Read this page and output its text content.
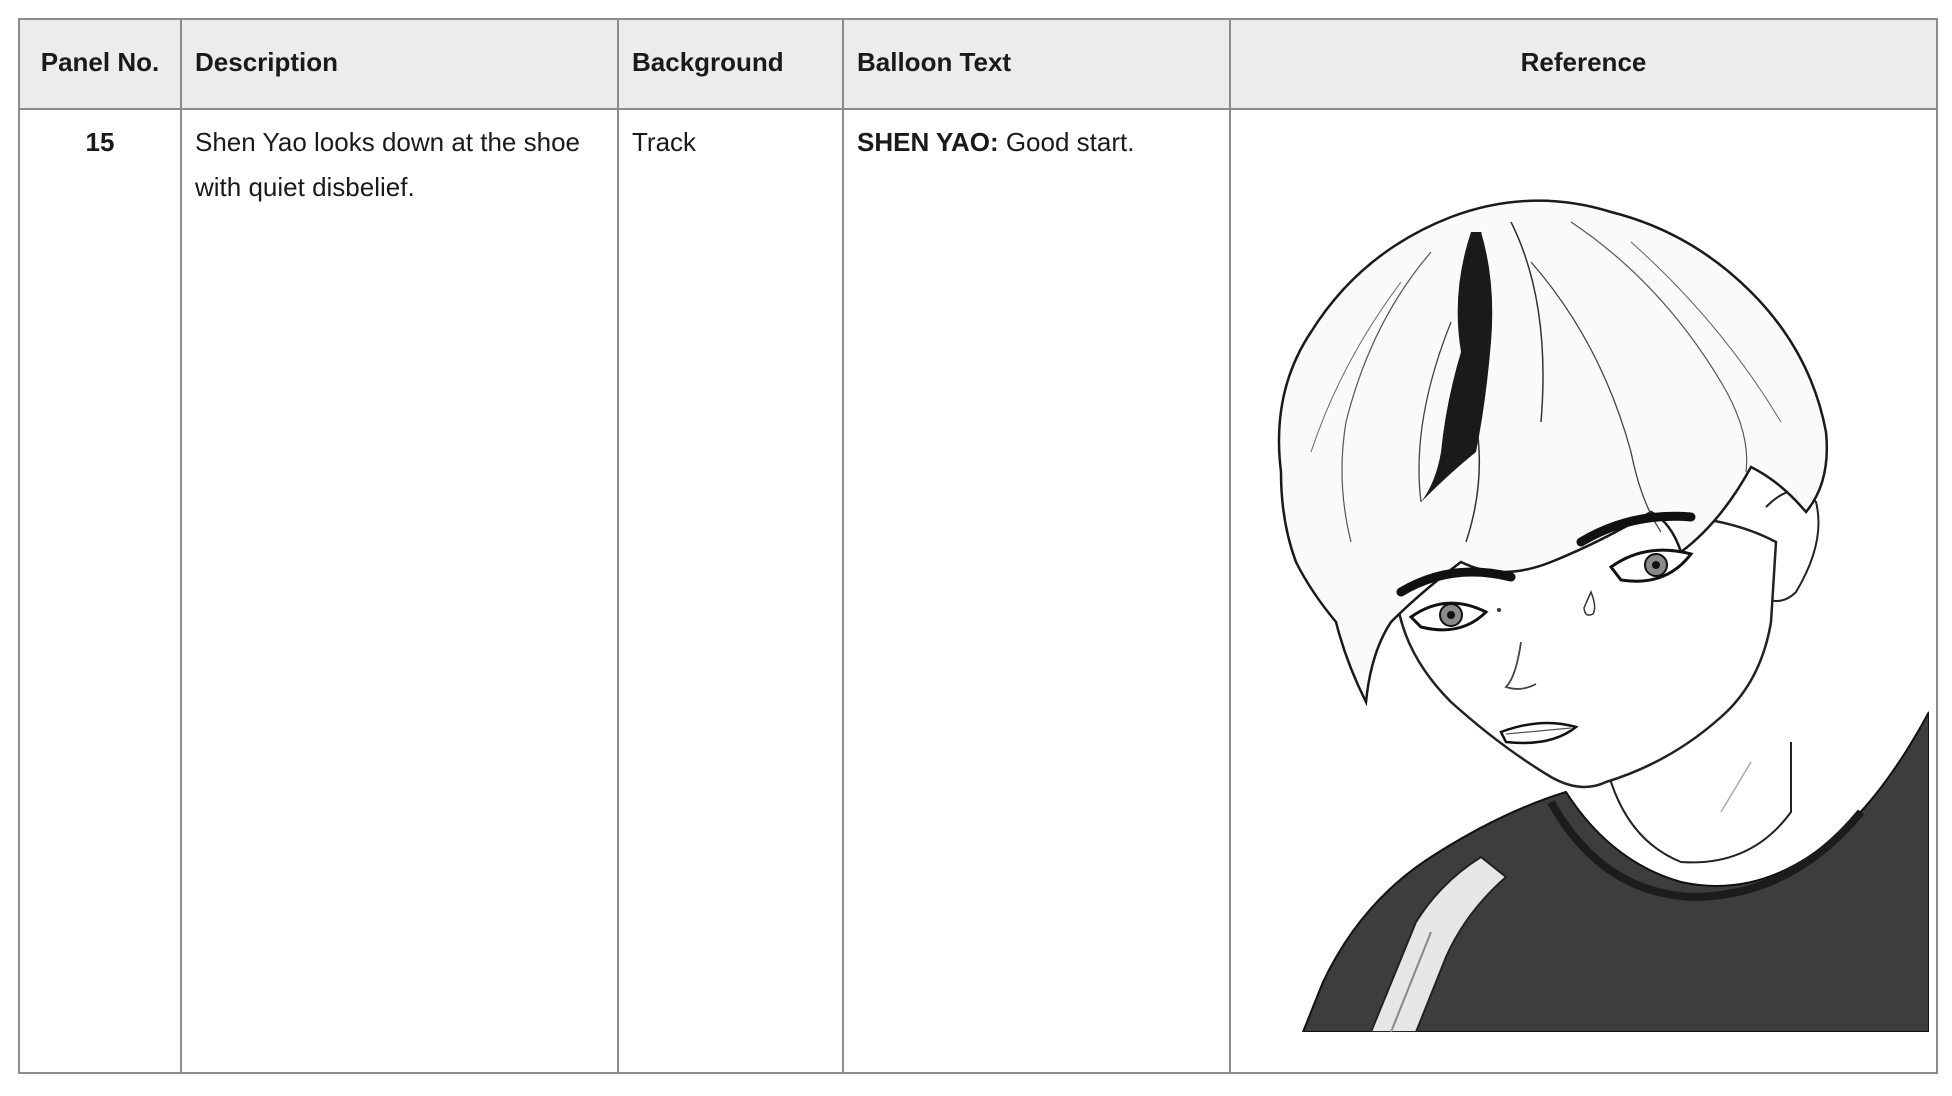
Panel No.	Description	Background	Balloon Text	Reference
15	Shen Yao looks down at the shoe with quiet disbelief.	Track	SHEN YAO: Good start.	
